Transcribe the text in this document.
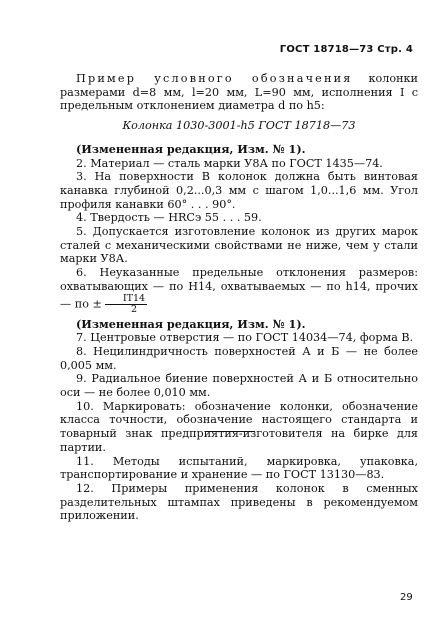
ГОСТ 18718—73 Стр. 4

Пример условного обозначения колонки размерами d=8 мм, l=20 мм, L=90 мм, исполнения I с предельным отклонением диаметра d по h5:

Колонка 1030-3001-h5 ГОСТ 18718—73

(Измененная редакция, Изм. № 1).

2. Материал — сталь марки У8А по ГОСТ 1435—74.

3. На поверхности В колонок должна быть винтовая канавка глубиной 0,2...0,3 мм с шагом 1,0...1,6 мм. Угол профиля канавки 60° . . . 90°.

4. Твердость — HRCэ 55 . . . 59.

5. Допускается изготовление колонок из других марок сталей с механическими свойствами не ниже, чем у стали марки У8А.

6. Неуказанные предельные отклонения размеров: охватывающих — по Н14, охватываемых — по h14, прочих — по ± $\frac{IT14}{2}$

(Измененная редакция, Изм. № 1).

7. Центровые отверстия — по ГОСТ 14034—74, форма В.

8. Нецилиндричность поверхностей А и Б — не более 0,005 мм.

9. Радиальное биение поверхностей А и Б относительно оси — не более 0,010 мм.

10. Маркировать: обозначение колонки, обозначение класса точности, обозначение настоящего стандарта и товарный знак предприятия-изготовителя на бирке для партии.

11. Методы испытаний, маркировка, упаковка, транспортирование и хранение — по ГОСТ 13130—83.

12. Примеры применения колонок в сменных разделительных штампах приведены в рекомендуемом приложении.

29
